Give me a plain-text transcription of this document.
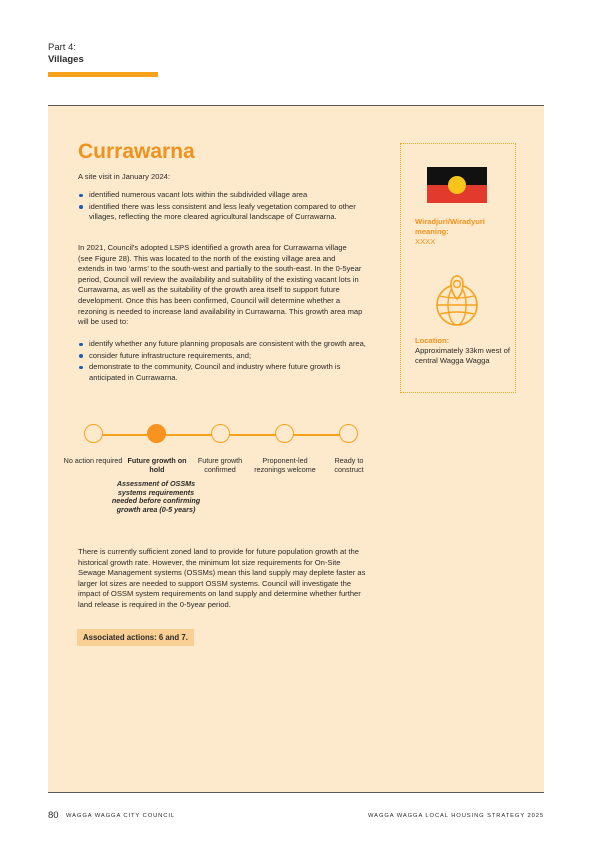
Part 4:
Villages
Currawarna
A site visit in January 2024:
identified numerous vacant lots within the subdivided village area
identified there was less consistent and less leafy vegetation compared to other villages, reflecting the more cleared agricultural landscape of Currawarna.
In 2021, Council’s adopted LSPS identified a growth area for Currawarna village (see Figure 28). This was located to the north of the existing village area and extends in two ‘arms’ to the south-west and partially to the south-east. In the 0-5year period, Council will review the availability and suitability of the existing vacant lots in Currawarna, as well as the suitability of the growth area itself to support future development. Once this has been confirmed, Council will determine whether a rezoning is needed to increase land availability in Currawarna. This growth area map will be used to:
identify whether any future planning proposals are consistent with the growth area,
consider future infrastructure requirements, and;
demonstrate to the community, Council and industry where future growth is anticipated in Currawarna.
No action required Future growth on hold
Future growth confirmed
Proponent-led rezonings welcome
Ready to construct
Assessment of OSSMs systems requirements needed before confirming growth area (0-5 years)
There is currently sufficient zoned land to provide for future population growth at the historical growth rate. However, the minimum lot size requirements for On-Site Sewage Management systems (OSSMs) mean this land supply may deplete faster as larger lot sizes are needed to support OSSM systems. Council will investigate the impact of OSSM system requirements on land supply and determine whether further land release is required in the 0-5year period.
Associated actions: 6 and 7.
Wiradjuri/Wiradyuri meaning:
XXXX
Location:
Approximately 33km west of central Wagga Wagga
80 WAGGA WAGGA CITY COUNCIL	WAGGA WAGGA LOCAL HOUSING STRATEGY 2025
